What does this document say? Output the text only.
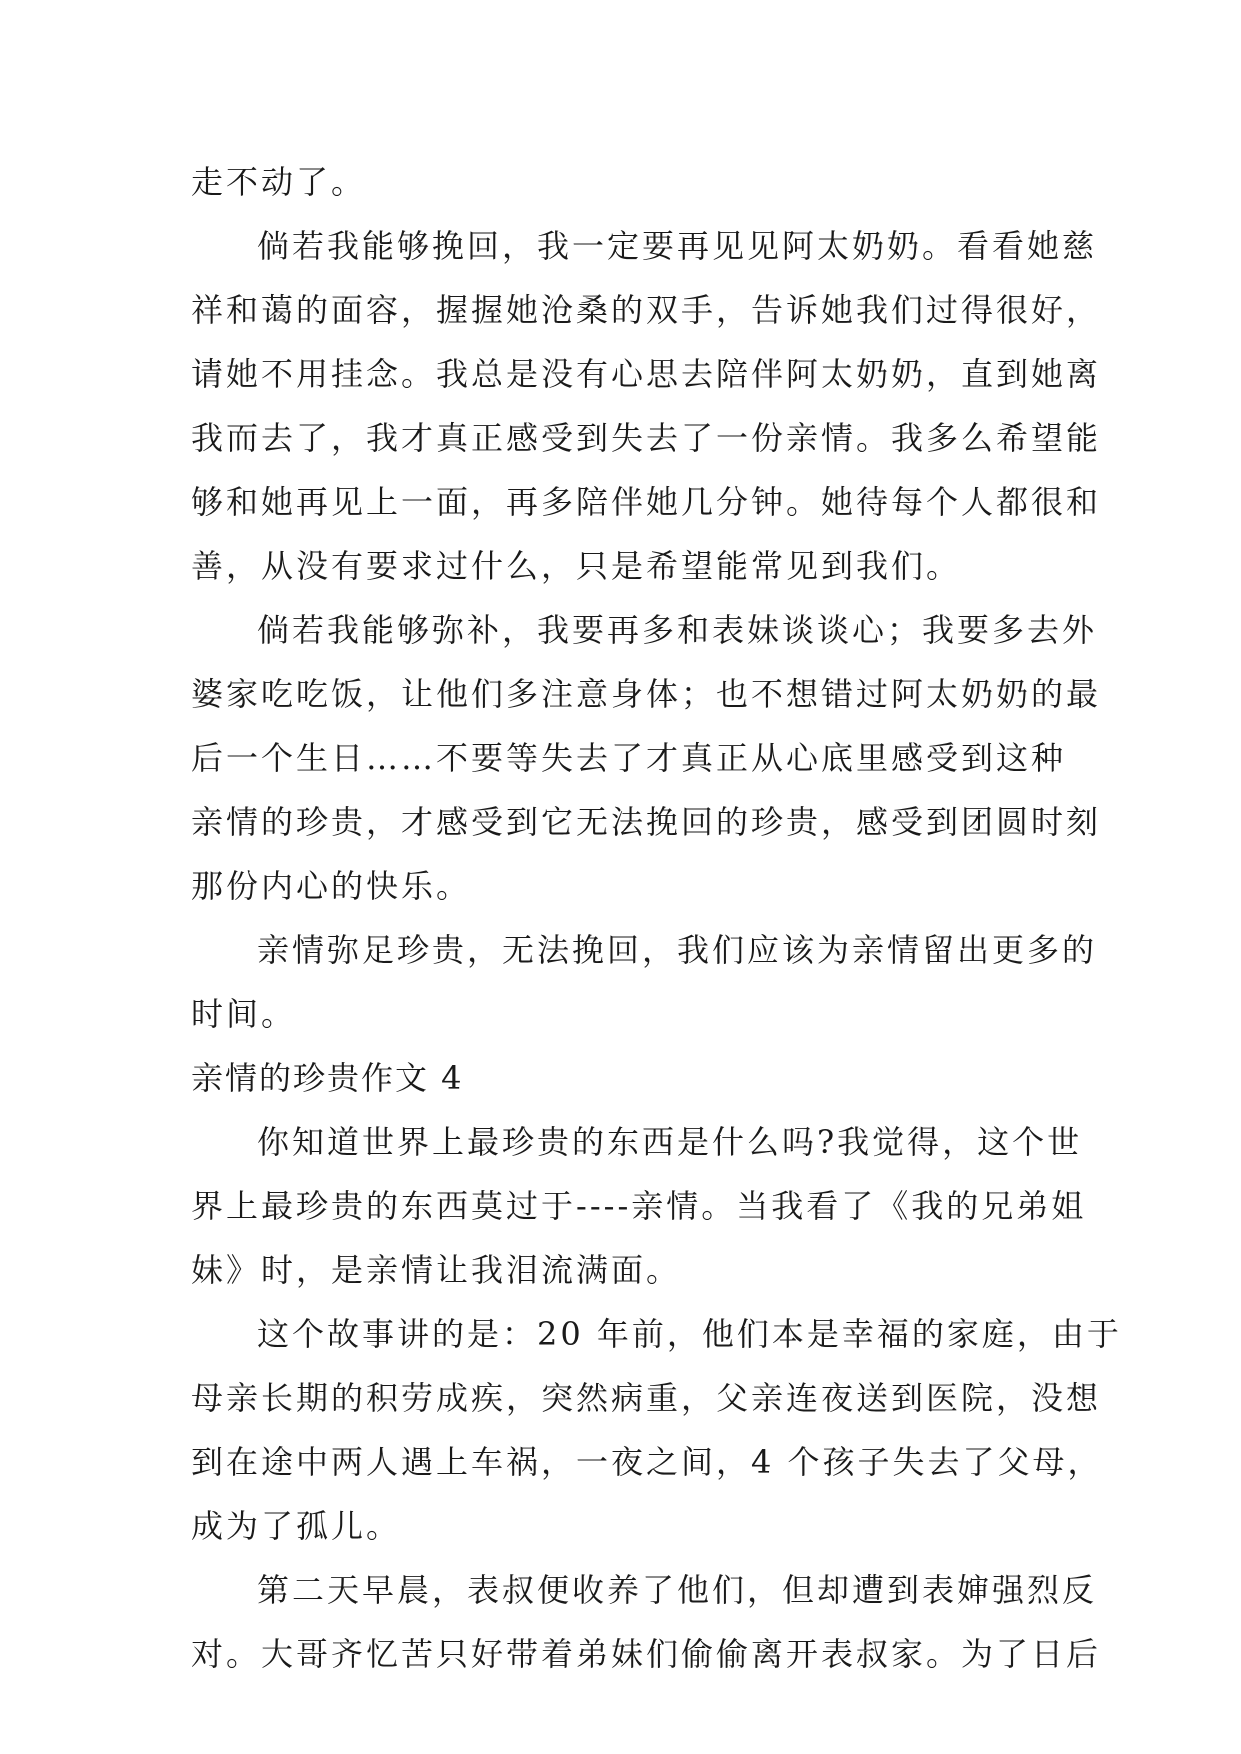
走不动了。
倘若我能够挽回，我一定要再见见阿太奶奶。看看她慈
祥和蔼的面容，握握她沧桑的双手，告诉她我们过得很好，
请她不用挂念。我总是没有心思去陪伴阿太奶奶，直到她离
我而去了，我才真正感受到失去了一份亲情。我多么希望能
够和她再见上一面，再多陪伴她几分钟。她待每个人都很和
善，从没有要求过什么，只是希望能常见到我们。
倘若我能够弥补，我要再多和表妹谈谈心；我要多去外
婆家吃吃饭，让他们多注意身体；也不想错过阿太奶奶的最
后一个生日……不要等失去了才真正从心底里感受到这种
亲情的珍贵，才感受到它无法挽回的珍贵，感受到团圆时刻
那份内心的快乐。
亲情弥足珍贵，无法挽回，我们应该为亲情留出更多的
时间。
亲情的珍贵作文 4
你知道世界上最珍贵的东西是什么吗?我觉得，这个世
界上最珍贵的东西莫过于----亲情。当我看了《我的兄弟姐
妹》时，是亲情让我泪流满面。
这个故事讲的是：20 年前，他们本是幸福的家庭，由于
母亲长期的积劳成疾，突然病重，父亲连夜送到医院，没想
到在途中两人遇上车祸，一夜之间，4 个孩子失去了父母，
成为了孤儿。
第二天早晨，表叔便收养了他们，但却遭到表婶强烈反
对。大哥齐忆苦只好带着弟妹们偷偷离开表叔家。为了日后
